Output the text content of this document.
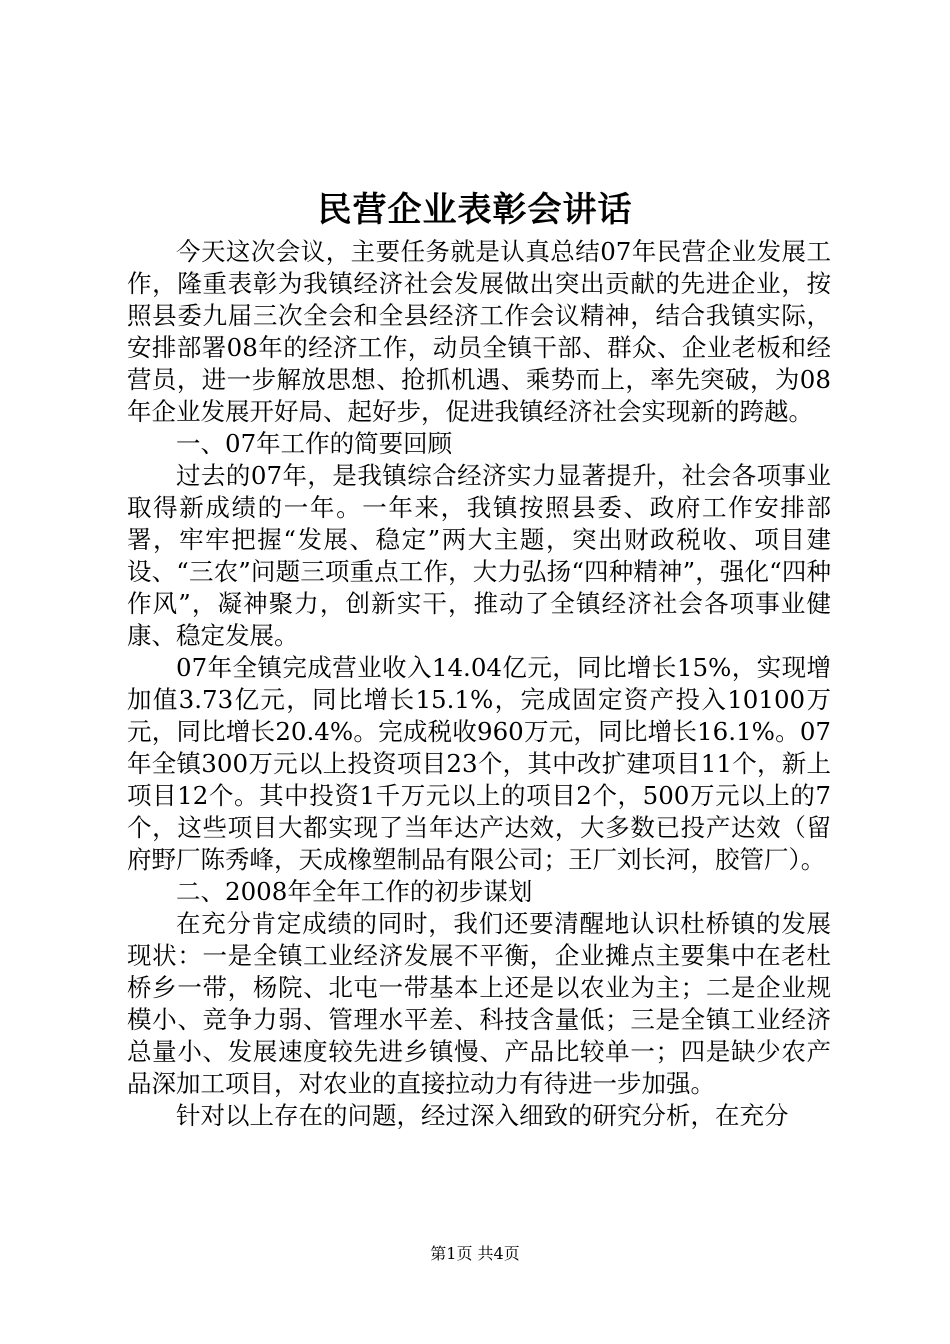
民营企业表彰会讲话

今天这次会议，主要任务就是认真总结07年民营企业发展工作，隆重表彰为我镇经济社会发展做出突出贡献的先进企业，按照县委九届三次全会和全县经济工作会议精神，结合我镇实际，安排部署08年的经济工作，动员全镇干部、群众、企业老板和经营员，进一步解放思想、抢抓机遇、乘势而上，率先突破，为08年企业发展开好局、起好步，促进我镇经济社会实现新的跨越。

一、07年工作的简要回顾

过去的07年，是我镇综合经济实力显著提升，社会各项事业取得新成绩的一年。一年来，我镇按照县委、政府工作安排部署，牢牢把握“发展、稳定”两大主题，突出财政税收、项目建设、“三农”问题三项重点工作，大力弘扬“四种精神”，强化“四种作风”，凝神聚力，创新实干，推动了全镇经济社会各项事业健康、稳定发展。

07年全镇完成营业收入14.04亿元，同比增长15%，实现增加值3.73亿元，同比增长15.1%，完成固定资产投入10100万元，同比增长20.4%。完成税收960万元，同比增长16.1%。07年全镇300万元以上投资项目23个，其中改扩建项目11个，新上项目12个。其中投资1千万元以上的项目2个，500万元以上的7个，这些项目大都实现了当年达产达效，大多数已投产达效（留府野厂陈秀峰，天成橡塑制品有限公司；王厂刘长河，胶管厂）。

二、2008年全年工作的初步谋划

在充分肯定成绩的同时，我们还要清醒地认识杜桥镇的发展现状：一是全镇工业经济发展不平衡，企业摊点主要集中在老杜桥乡一带，杨院、北屯一带基本上还是以农业为主；二是企业规模小、竞争力弱、管理水平差、科技含量低；三是全镇工业经济总量小、发展速度较先进乡镇慢、产品比较单一；四是缺少农产品深加工项目，对农业的直接拉动力有待进一步加强。

针对以上存在的问题，经过深入细致的研究分析，在充分

第1页 共4页
